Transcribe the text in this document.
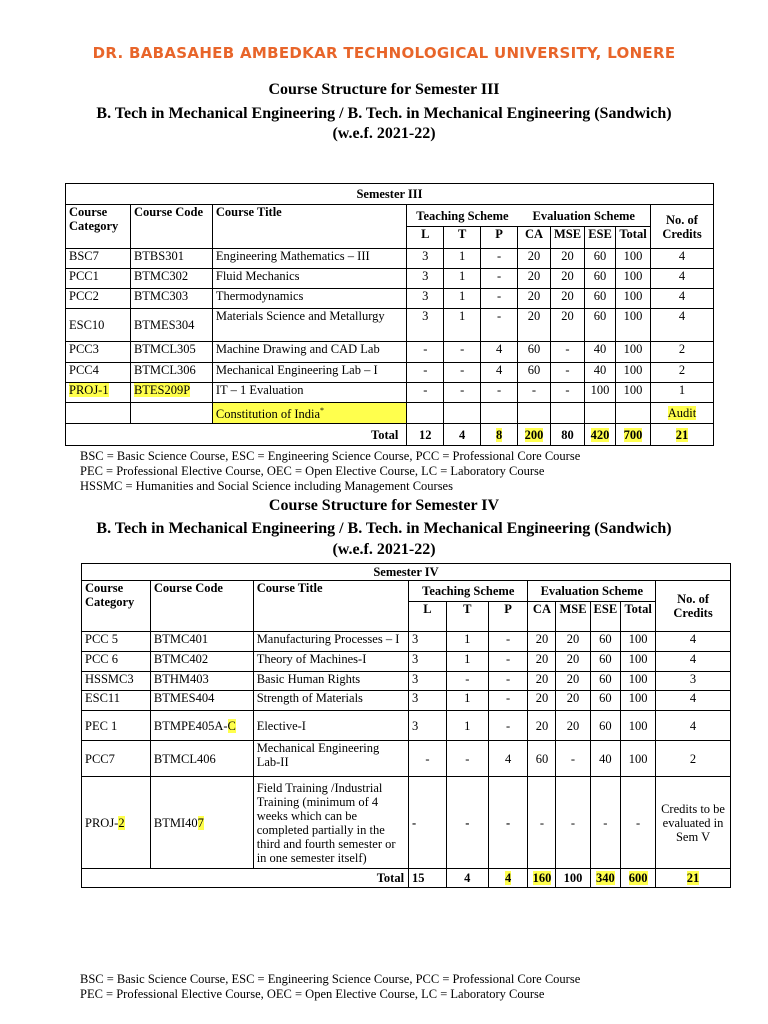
DR. BABASAHEB AMBEDKAR TECHNOLOGICAL UNIVERSITY, LONERE
Course Structure for Semester III
B. Tech in Mechanical Engineering / B. Tech. in Mechanical Engineering (Sandwich)
(w.e.f. 2021-22)
Semester III										
Course Category	Course Code	Course Title	Teaching Scheme			Evaluation Scheme				No. of Credits
			L	T	P	CA	MSE	ESE	Total	
BSC7	BTBS301	Engineering Mathematics – III	3	1	-	20	20	60	100	4
PCC1	BTMC302	Fluid Mechanics	3	1	-	20	20	60	100	4
PCC2	BTMC303	Thermodynamics	3	1	-	20	20	60	100	4
ESC10	BTMES304	Materials Science and Metallurgy	3	1	-	20	20	60	100	4
PCC3	BTMCL305	Machine Drawing and CAD Lab	-	-	4	60	-	40	100	2
PCC4	BTMCL306	Mechanical Engineering Lab – I	-	-	4	60	-	40	100	2
PROJ-1	BTES209P	IT – 1 Evaluation	-	-	-	-	-	100	100	1
		Constitution of India*								Audit
Total			12	4	8	200	80	420	700	21
BSC = Basic Science Course, ESC = Engineering Science Course, PCC = Professional Core Course
PEC = Professional Elective Course, OEC = Open Elective Course, LC = Laboratory Course
HSSMC = Humanities and Social Science including Management Courses
Course Structure for Semester IV
B. Tech in Mechanical Engineering / B. Tech. in Mechanical Engineering (Sandwich)
(w.e.f. 2021-22)
Semester IV										
Course Category	Course Code	Course Title	Teaching Scheme			Evaluation Scheme				No. of Credits
			L	T	P	CA	MSE	ESE	Total	
PCC 5	BTMC401	Manufacturing Processes – I	3	1	-	20	20	60	100	4
PCC 6	BTMC402	Theory of Machines-I	3	1	-	20	20	60	100	4
HSSMC3	BTHM403	Basic Human Rights	3	-	-	20	20	60	100	3
ESC11	BTMES404	Strength of Materials	3	1	-	20	20	60	100	4
PEC 1	BTMPE405A-C	Elective-I	3	1	-	20	20	60	100	4
PCC7	BTMCL406	Mechanical Engineering Lab-II	-	-	4	60	-	40	100	2
PROJ-2	BTMI407	Field Training /Industrial Training (minimum of 4 weeks which can be completed partially in the third and fourth semester or in one semester itself)	-	-	-	-	-	-	-	Credits to be evaluated in Sem V
Total			15	4	4	160	100	340	600	21
BSC = Basic Science Course, ESC = Engineering Science Course, PCC = Professional Core Course
PEC = Professional Elective Course, OEC = Open Elective Course, LC = Laboratory Course
